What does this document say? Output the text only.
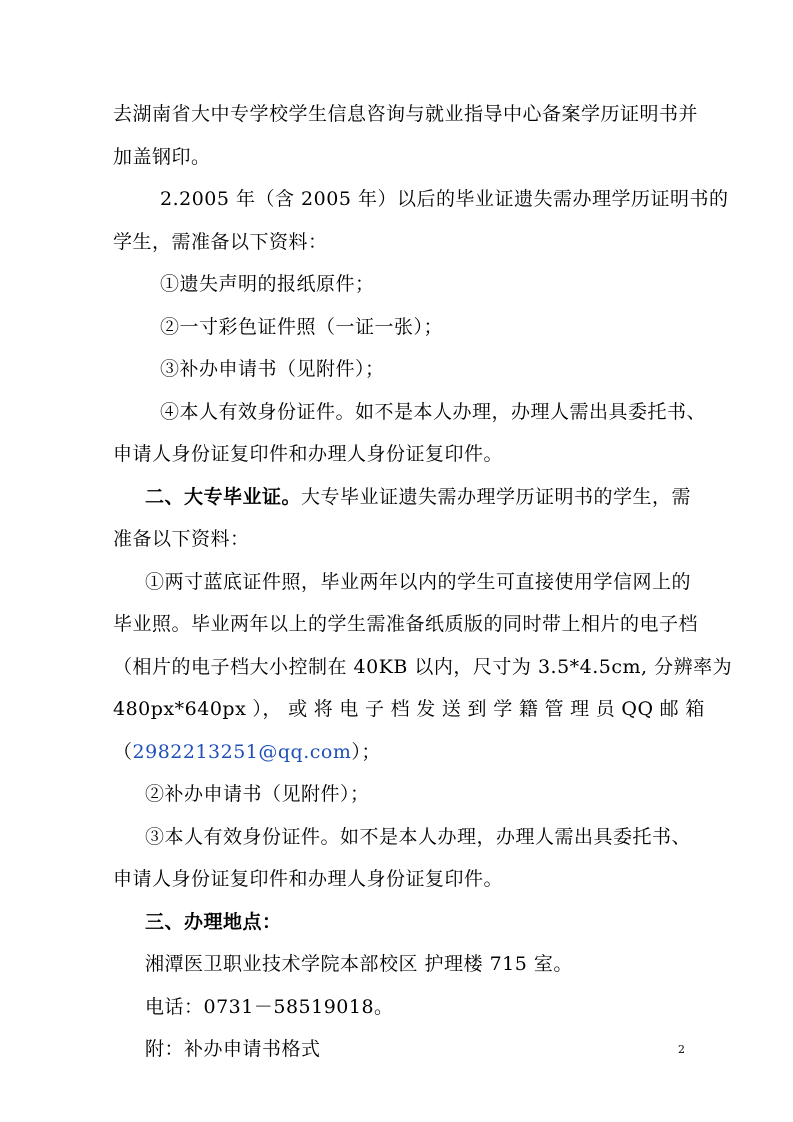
去湖南省大中专学校学生信息咨询与就业指导中心备案学历证明书并
加盖钢印。
2.2005 年（含 2005 年）以后的毕业证遗失需办理学历证明书的
学生，需准备以下资料：
①遗失声明的报纸原件；
②一寸彩色证件照（一证一张）；
③补办申请书（见附件）；
④本人有效身份证件。如不是本人办理，办理人需出具委托书、
申请人身份证复印件和办理人身份证复印件。
二、大专毕业证。大专毕业证遗失需办理学历证明书的学生，需
准备以下资料：
①两寸蓝底证件照，毕业两年以内的学生可直接使用学信网上的
毕业照。毕业两年以上的学生需准备纸质版的同时带上相片的电子档
（相片的电子档大小控制在 40KB 以内，尺寸为 3.5*4.5cm, 分辨率为
480px*640px ）， 或 将 电 子 档 发 送 到 学 籍 管 理 员 QQ 邮 箱
（2982213251@qq.com）；
②补办申请书（见附件）；
③本人有效身份证件。如不是本人办理，办理人需出具委托书、
申请人身份证复印件和办理人身份证复印件。
三、办理地点：
湘潭医卫职业技术学院本部校区 护理楼 715 室。
电话：0731－58519018。
附：补办申请书格式	2
